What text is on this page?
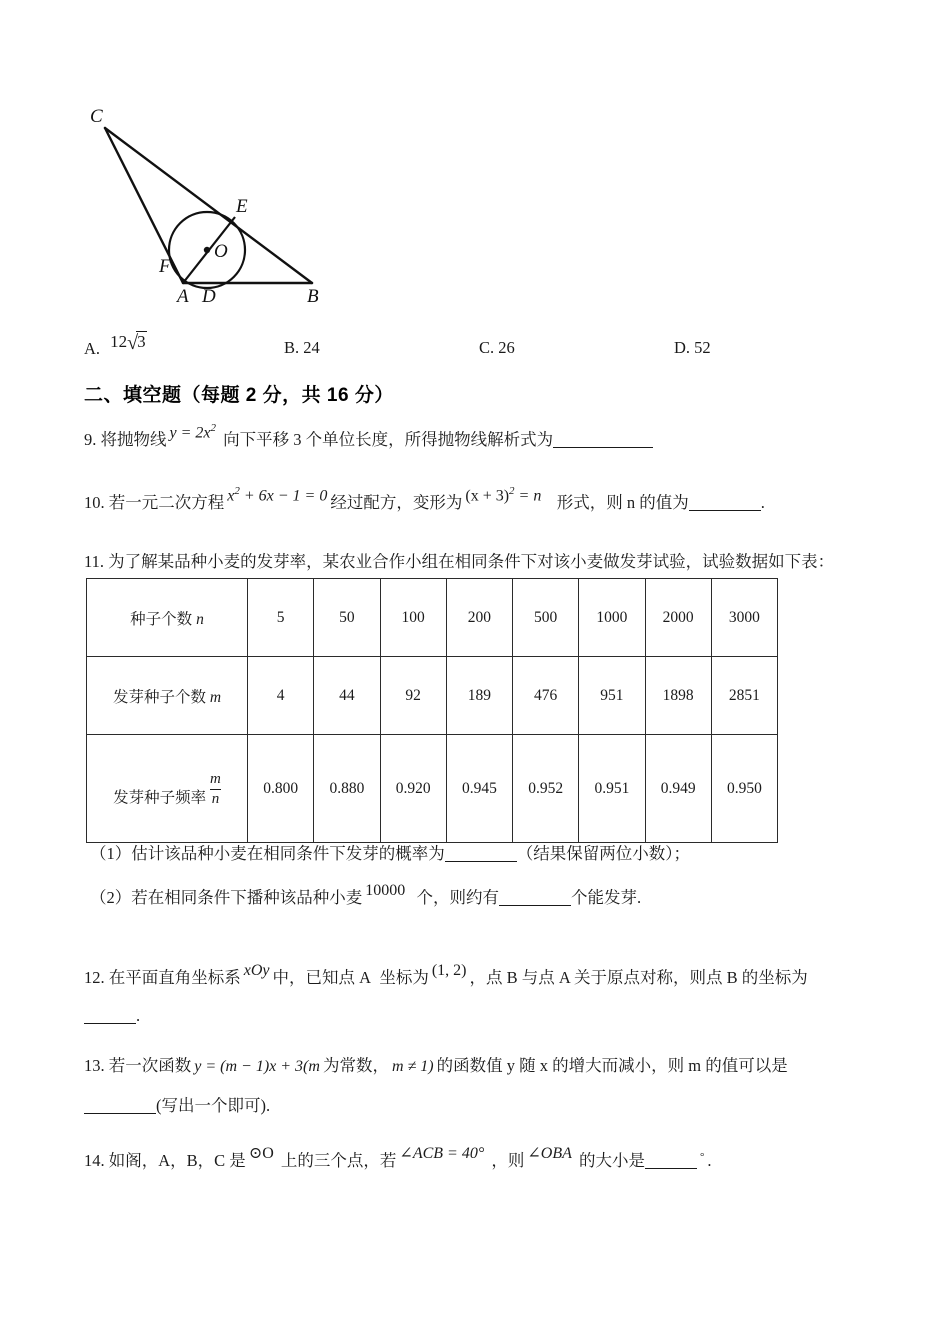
C
E
O
F
A D	B
A. 12√3	B. 24	C. 26	D. 52
二、填空题（每题 2 分，共 16 分）
9. 将抛物线 $y = 2x^2$ 向下平移 3 个单位长度，所得抛物线解析式为
10. 若一元二次方程 $x^2 + 6x - 1 = 0$ 经过配方，变形为 $(x + 3)^2 = n$ 形式，则 n 的值为	.
11. 为了解某品种小麦的发芽率，某农业合作小组在相同条件下对该小麦做发芽试验，试验数据如下表：
种子个数 n	5	50	100	200	500	1000	2000	3000
发芽种子个数 m	4	44	92	189	476	951	1898	2851

发芽种子频率 $\frac{m}{n}$	0.800	0.880	0.920	0.945	0.952	0.951	0.949	0.950
（1）估计该品种小麦在相同条件下发芽的概率为	（结果保留两位小数）；
（2）若在相同条件下播种该品种小麦 10000 个，则约有	个能发芽.
12. 在平面直角坐标系 xOy 中，已知点 A 坐标为 (1, 2) ，点 B 与点 A 关于原点对称，则点 B 的坐标为
.
13. 若一次函数 y = (m − 1)x + 3(m 为常数， m ≠ 1) 的函数值 y 随 x 的增大而减小，则 m 的值可以是
(写出一个即可).
14. 如阁，A，B，C 是 ⊙O 上的三个点，若 ∠ACB = 40° ，则 ∠OBA 的大小是	° .
